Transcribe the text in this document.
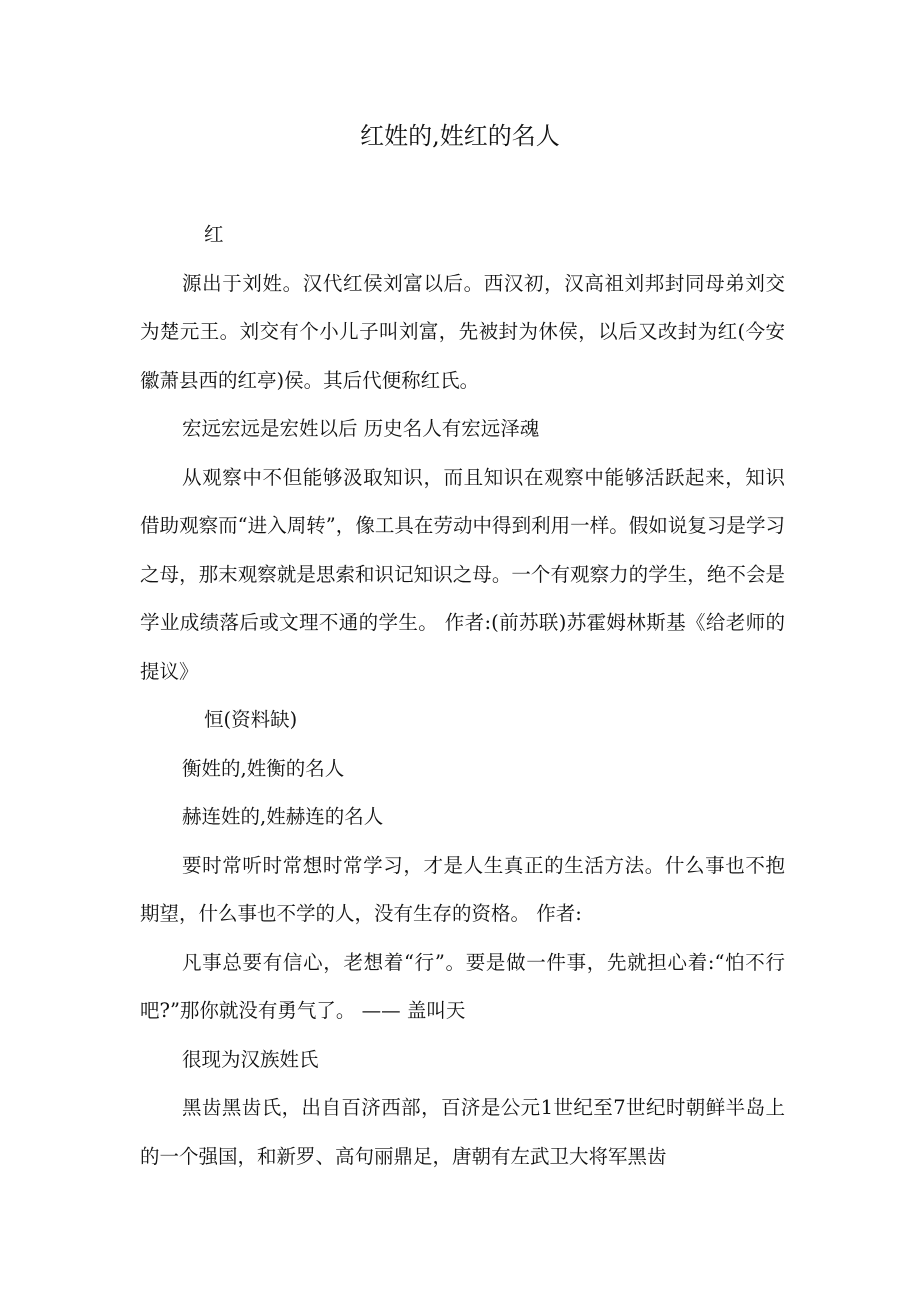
红姓的,姓红的名人

红

源出于刘姓。汉代红侯刘富以后。西汉初，汉高祖刘邦封同母弟刘交为楚元王。刘交有个小儿子叫刘富，先被封为休侯，以后又改封为红(今安徽萧县西的红亭)侯。其后代便称红氏。

宏远宏远是宏姓以后 历史名人有宏远泽魂

从观察中不但能够汲取知识，而且知识在观察中能够活跃起来，知识借助观察而“进入周转”，像工具在劳动中得到利用一样。假如说复习是学习之母，那末观察就是思索和识记知识之母。一个有观察力的学生，绝不会是学业成绩落后或文理不通的学生。 作者:(前苏联)苏霍姆林斯基《给老师的提议》

恒(资料缺)

衡姓的,姓衡的名人

赫连姓的,姓赫连的名人

要时常听时常想时常学习，才是人生真正的生活方法。什么事也不抱期望，什么事也不学的人，没有生存的资格。 作者:

凡事总要有信心，老想着“行”。要是做一件事，先就担心着:“怕不行吧?”那你就没有勇气了。 —— 盖叫天

很现为汉族姓氏

黑齿黑齿氏，出自百济西部，百济是公元1世纪至7世纪时朝鲜半岛上的一个强国，和新罗、高句丽鼎足，唐朝有左武卫大将军黑齿
